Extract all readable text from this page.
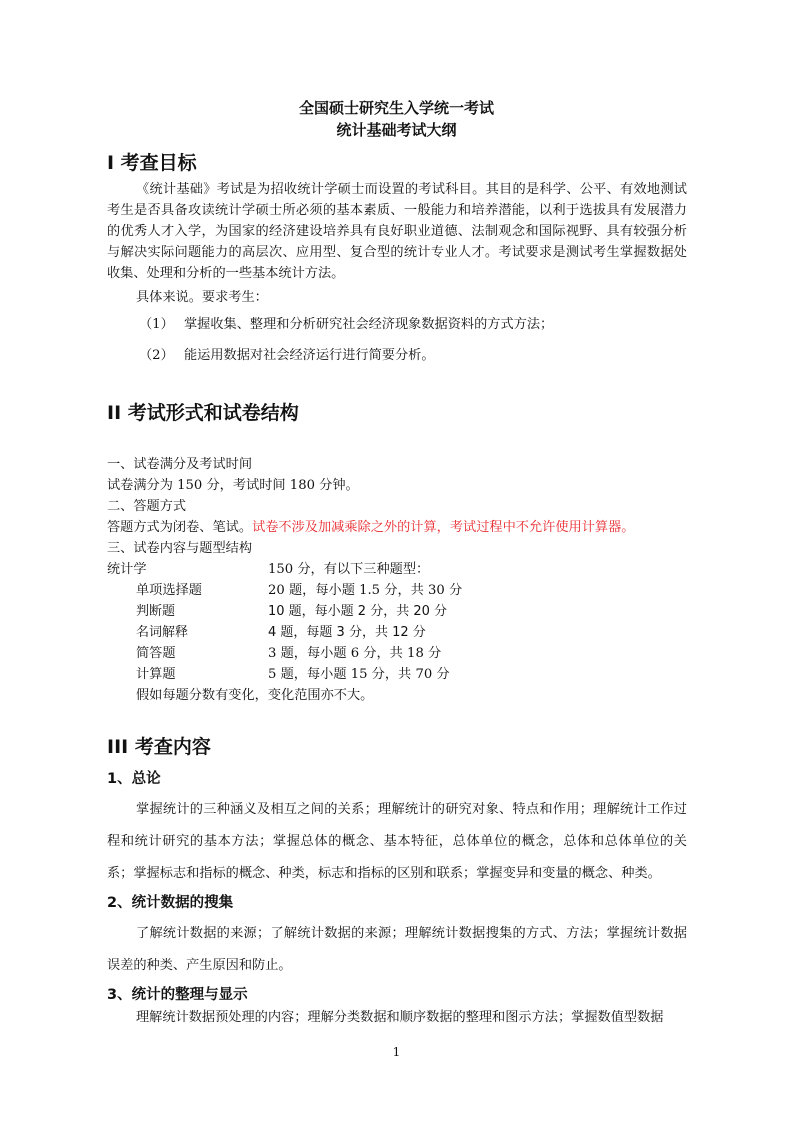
全国硕士研究生入学统一考试
统计基础考试大纲
I 考查目标

《统计基础》考试是为招收统计学硕士而设置的考试科目。其目的是科学、公平、有效地测试考生是否具备攻读统计学硕士所必须的基本素质、一般能力和培养潜能，以利于选拔具有发展潜力的优秀人才入学，为国家的经济建设培养具有良好职业道德、法制观念和国际视野、具有较强分析与解决实际问题能力的高层次、应用型、复合型的统计专业人才。考试要求是测试考生掌握数据处收集、处理和分析的一些基本统计方法。

具体来说。要求考生：
（1） 掌握收集、整理和分析研究社会经济现象数据资料的方式方法；
（2） 能运用数据对社会经济运行进行简要分析。
II 考试形式和试卷结构
一、试卷满分及考试时间
试卷满分为 150 分，考试时间 180 分钟。
二、答题方式
答题方式为闭卷、笔试。试卷不涉及加减乘除之外的计算，考试过程中不允许使用计算器。
三、试卷内容与题型结构
统计学	150 分，有以下三种题型：
单项选择题	20 题，每小题 1.5 分，共 30 分
判断题	10 题，每小题 2 分，共 20 分
名词解释	4 题，每题 3 分，共 12 分
简答题	3 题，每小题 6 分，共 18 分
计算题	5 题，每小题 15 分，共 70 分
假如每题分数有变化，变化范围亦不大。
III 考查内容
1、总论

掌握统计的三种涵义及相互之间的关系；理解统计的研究对象、特点和作用；理解统计工作过程和统计研究的基本方法；掌握总体的概念、基本特征，总体单位的概念，总体和总体单位的关系；掌握标志和指标的概念、种类，标志和指标的区别和联系；掌握变异和变量的概念、种类。

2、统计数据的搜集

了解统计数据的来源；了解统计数据的来源；理解统计数据搜集的方式、方法；掌握统计数据误差的种类、产生原因和防止。

3、统计的整理与显示

理解统计数据预处理的内容；理解分类数据和顺序数据的整理和图示方法；掌握数值型数据

1
